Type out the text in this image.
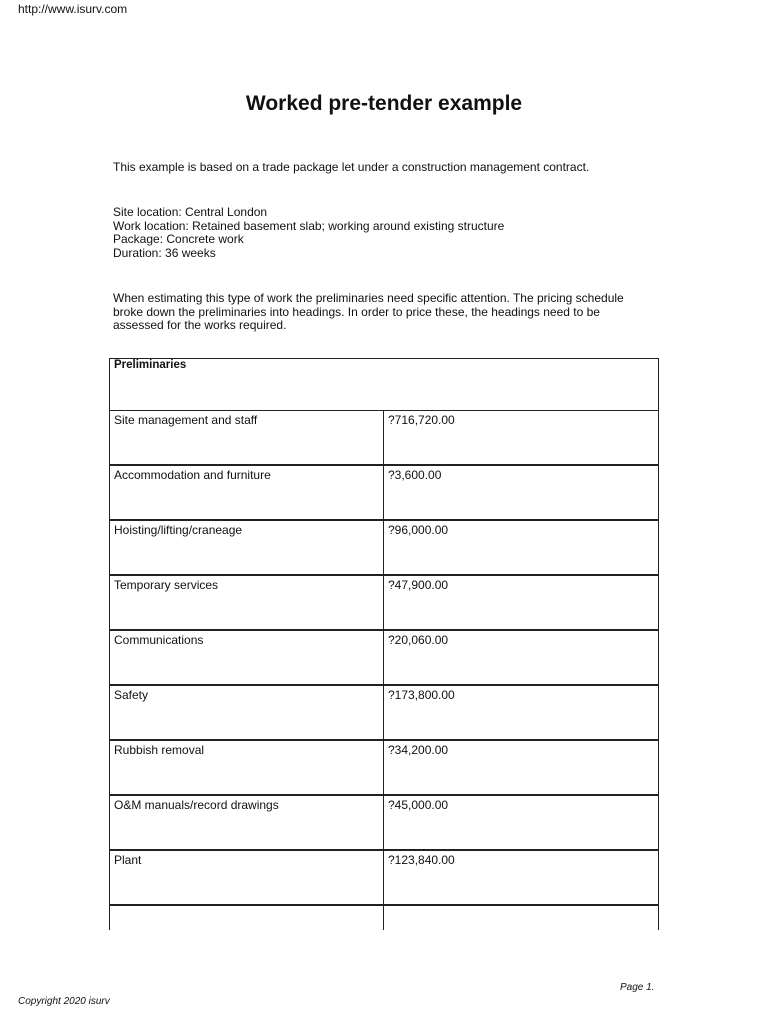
http://www.isurv.com
Worked pre-tender example

This example is based on a trade package let under a construction management contract.

Site location: Central London
Work location: Retained basement slab; working around existing structure
Package: Concrete work
Duration: 36 weeks

When estimating this type of work the preliminaries need specific attention. The pricing schedule broke down the preliminaries into headings. In order to price these, the headings need to be assessed for the works required.

Preliminaries
Site management and staff	?716,720.00
Accommodation and furniture	?3,600.00
Hoisting/lifting/craneage	?96,000.00
Temporary services	?47,900.00
Communications	?20,060.00
Safety	?173,800.00
Rubbish removal	?34,200.00
O&M manuals/record drawings	?45,000.00
Plant	?123,840.00
Page 1.
Copyright 2020 isurv
